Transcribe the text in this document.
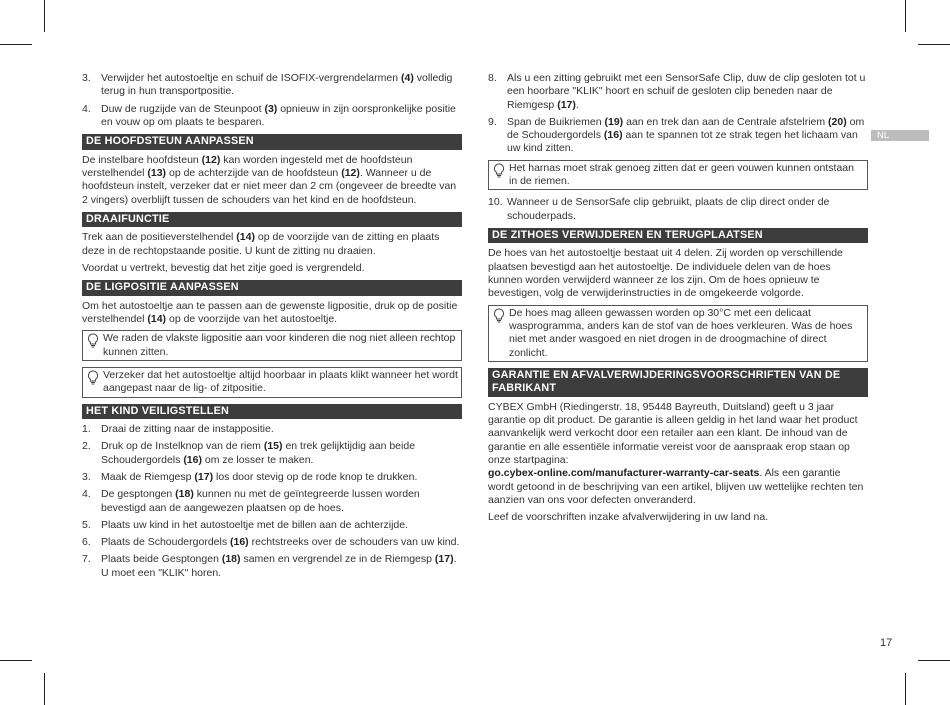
3. Verwijder het autostoeltje en schuif de ISOFIX-vergrendelarmen (4) volledig terug in hun transportpositie.
4. Duw de rugzijde van de Steunpoot (3) opnieuw in zijn oorspronkelijke positie en vouw op om plaats te besparen.
DE HOOFDSTEUN AANPASSEN

De instelbare hoofdsteun (12) kan worden ingesteld met de hoofdsteun verstelhendel (13) op de achterzijde van de hoofdsteun (12). Wanneer u de hoofdsteun instelt, verzeker dat er niet meer dan 2 cm (ongeveer de breedte van 2 vingers) overblijft tussen de schouders van het kind en de hoofdsteun.

DRAAIFUNCTIE

Trek aan de positieverstelhendel (14) op de voorzijde van de zitting en plaats deze in de rechtopstaande positie. U kunt de zitting nu draaien.

Voordat u vertrekt, bevestig dat het zitje goed is vergrendeld.

DE LIGPOSITIE AANPASSEN

Om het autostoeltje aan te passen aan de gewenste ligpositie, druk op de positie verstelhendel (14) op de voorzijde van het autostoeltje.

We raden de vlakste ligpositie aan voor kinderen die nog niet alleen rechtop kunnen zitten.
Verzeker dat het autostoeltje altijd hoorbaar in plaats klikt wanneer het wordt aangepast naar de lig- of zitpositie.
HET KIND VEILIGSTELLEN
1. Draai de zitting naar de instappositie.
2. Druk op de Instelknop van de riem (15) en trek gelijktijdig aan beide Schoudergordels (16) om ze losser te maken.
3. Maak de Riemgesp (17) los door stevig op de rode knop te drukken.
4. De gesptongen (18) kunnen nu met de geïntegreerde lussen worden bevestigd aan de aangewezen plaatsen op de hoes.
5. Plaats uw kind in het autostoeltje met de billen aan de achterzijde.
6. Plaats de Schoudergordels (16) rechtstreeks over de schouders van uw kind.
7. Plaats beide Gesptongen (18) samen en vergrendel ze in de Riemgesp (17). U moet een "KLIK" horen.
8. Als u een zitting gebruikt met een SensorSafe Clip, duw de clip gesloten tot u een hoorbare "KLIK" hoort en schuif de gesloten clip beneden naar de Riemgesp (17).
9. Span de Buikriemen (19) aan en trek dan aan de Centrale afstelriem (20) om de Schoudergordels (16) aan te spannen tot ze strak tegen het lichaam van uw kind zitten.
Het harnas moet strak genoeg zitten dat er geen vouwen kunnen ontstaan in de riemen.
10. Wanneer u de SensorSafe clip gebruikt, plaats de clip direct onder de schouderpads.
DE ZITHOES VERWIJDEREN EN TERUGPLAATSEN

De hoes van het autostoeltje bestaat uit 4 delen. Zij worden op verschillende plaatsen bevestigd aan het autostoeltje. De individuele delen van de hoes kunnen worden verwijderd wanneer ze los zijn. Om de hoes opnieuw te bevestigen, volg de verwijderinstructies in de omgekeerde volgorde.

De hoes mag alleen gewassen worden op 30°C met een delicaat wasprogramma, anders kan de stof van de hoes verkleuren. Was de hoes niet met ander wasgoed en niet drogen in de droogmachine of direct zonlicht.
GARANTIE EN AFVALVERWIJDERINGSVOORSCHRIFTEN VAN DE FABRIKANT

CYBEX GmbH (Riedingerstr. 18, 95448 Bayreuth, Duitsland) geeft u 3 jaar garantie op dit product. De garantie is alleen geldig in het land waar het product aanvankelijk werd verkocht door een retailer aan een klant. De inhoud van de garantie en alle essentiële informatie vereist voor de aanspraak erop staan op onze startpagina:
go.cybex-online.com/manufacturer-warranty-car-seats. Als een garantie wordt getoond in de beschrijving van een artikel, blijven uw wettelijke rechten ten aanzien van ons voor defecten onveranderd.

Leef de voorschriften inzake afvalverwijdering in uw land na.

NL
17
